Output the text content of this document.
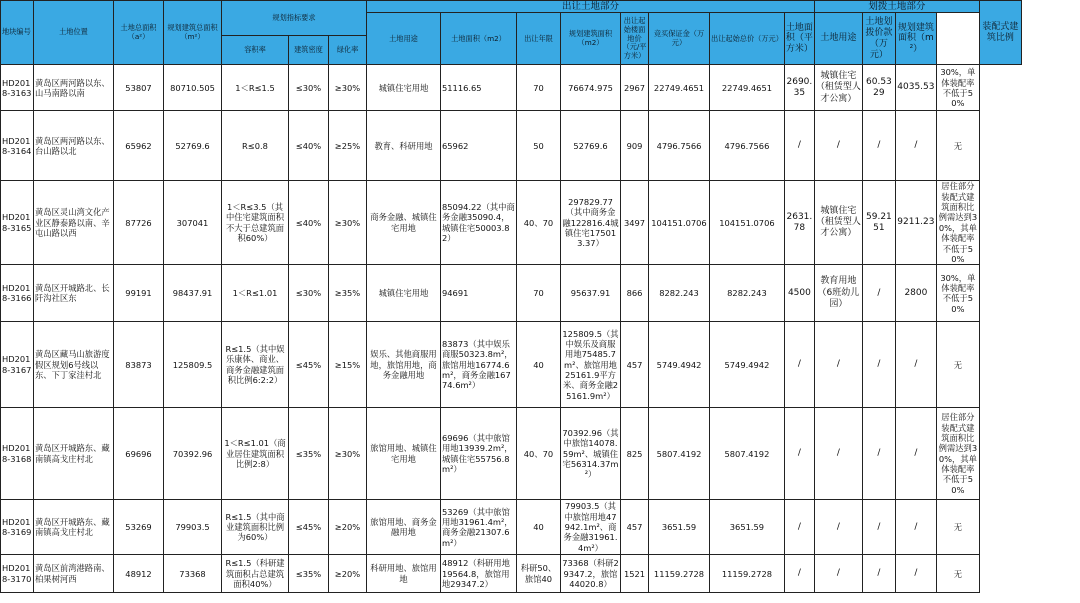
地块编号	土地位置	土地总面积（a²）	规划建筑总面积（m²）	规划指标要求			出让土地部分								划拨土地部分				装配式建筑比例
							土地用途	土地面积（m2）	出让年限	规划建筑面积（m2）	出让起始楼面地价（元/平方米）	竞买保证金（万元）	出让起始总价（万元）	土地面积（平方米）	土地用途	土地划拨价款（万元）	规划建筑面积（m²）		
				容积率	建筑密度	绿化率													
HD2018-3163	黄岛区两河路以东、山马南路以南	53807	80710.505	1＜R≤1.5	≤30%	≥30%	城镇住宅用地	51116.65	70	76674.975	2967	22749.4651	22749.4651	2690.35	城镇住宅（租赁型人才公寓）	60.5329	4035.53	30%，单体装配率不低于50%	
HD2018-3164	黄岛区两河路以东、台山路以北	65962	52769.6	R≤0.8	≤40%	≥25%	教育、科研用地	65962	50	52769.6	909	4796.7566	4796.7566	/	/	/	/	无	
HD2018-3165	黄岛区灵山湾文化产业区静泰路以南、辛屯山路以西	87726	307041	1＜R≤3.5（其中住宅建筑面积不大于总建筑面积60%）	≤40%	≥30%	商务金融、城镇住宅用地	85094.22（其中商务金融35090.4，城镇住宅50003.82）	40、70	297829.77（其中商务金融122816.4城镇住宅175013.37）	3497	104151.0706	104151.0706	2631.78	城镇住宅（租赁型人才公寓）	59.2151	9211.23	居住部分装配式建筑面积比例需达到30%，其单体装配率不低于50%	
HD2018-3166	黄岛区开城路北、长阡沟社区东	99191	98437.91	1＜R≤1.01	≤30%	≥35%	城镇住宅用地	94691	70	95637.91	866	8282.243	8282.243	4500	教育用地（6班幼儿园）	/	2800	30%，单体装配率不低于50%	
HD2018-3167	黄岛区藏马山旅游度假区规划6号线以东、下丁家洼村北	83873	125809.5	R≤1.5（其中娱乐康体、商业、商务金融建筑面积比例6:2:2）	≤45%	≥15%	娱乐、其他商服用地，旅馆用地，商务金融用地	83873（其中娱乐商服50323.8m²，旅馆用地16774.6m²，商务金融16774.6m²）	40	125809.5（其中娱乐及商服用地75485.7m²、旅馆用地25161.9平方米、商务金融25161.9m²）	457	5749.4942	5749.4942	/	/	/	/	无	
HD2018-3168	黄岛区开城路东、藏南镇高戈庄村北	69696	70392.96	1＜R≤1.01（商业居住建筑面积比例2:8）	≤35%	≥30%	旅馆用地、城镇住宅用地	69696（其中旅馆用地13939.2m²，城镇住宅55756.8m²）	40、70	70392.96（其中旅馆14078.59m²、城镇住宅56314.37m²）	825	5807.4192	5807.4192	/	/	/	/	居住部分装配式建筑面积比例需达到30%，其单体装配率不低于50%	
HD2018-3169	黄岛区开城路东、藏南镇高戈庄村北	53269	79903.5	R≤1.5（其中商业建筑面积比例为60%）	≤45%	≥20%	旅馆用地、商务金融用地	53269（其中旅馆用地31961.4m²，商务金融21307.6m²）	40	79903.5（其中旅馆用地47942.1m²、商务金融31961.4m²）	457	3651.59	3651.59	/	/	/	/	无	
HD2018-3170	黄岛区前湾港路南、柏果树河西	48912	73368	R≤1.5（科研建筑面积占总建筑面积40%）	≤35%	≥20%	科研用地、旅馆用地	48912（科研用地19564.8，旅馆用地29347.2）	科研50、旅馆40	73368（科研29347.2，旅馆44020.8）	1521	11159.2728	11159.2728	/	/	/	/	无	
